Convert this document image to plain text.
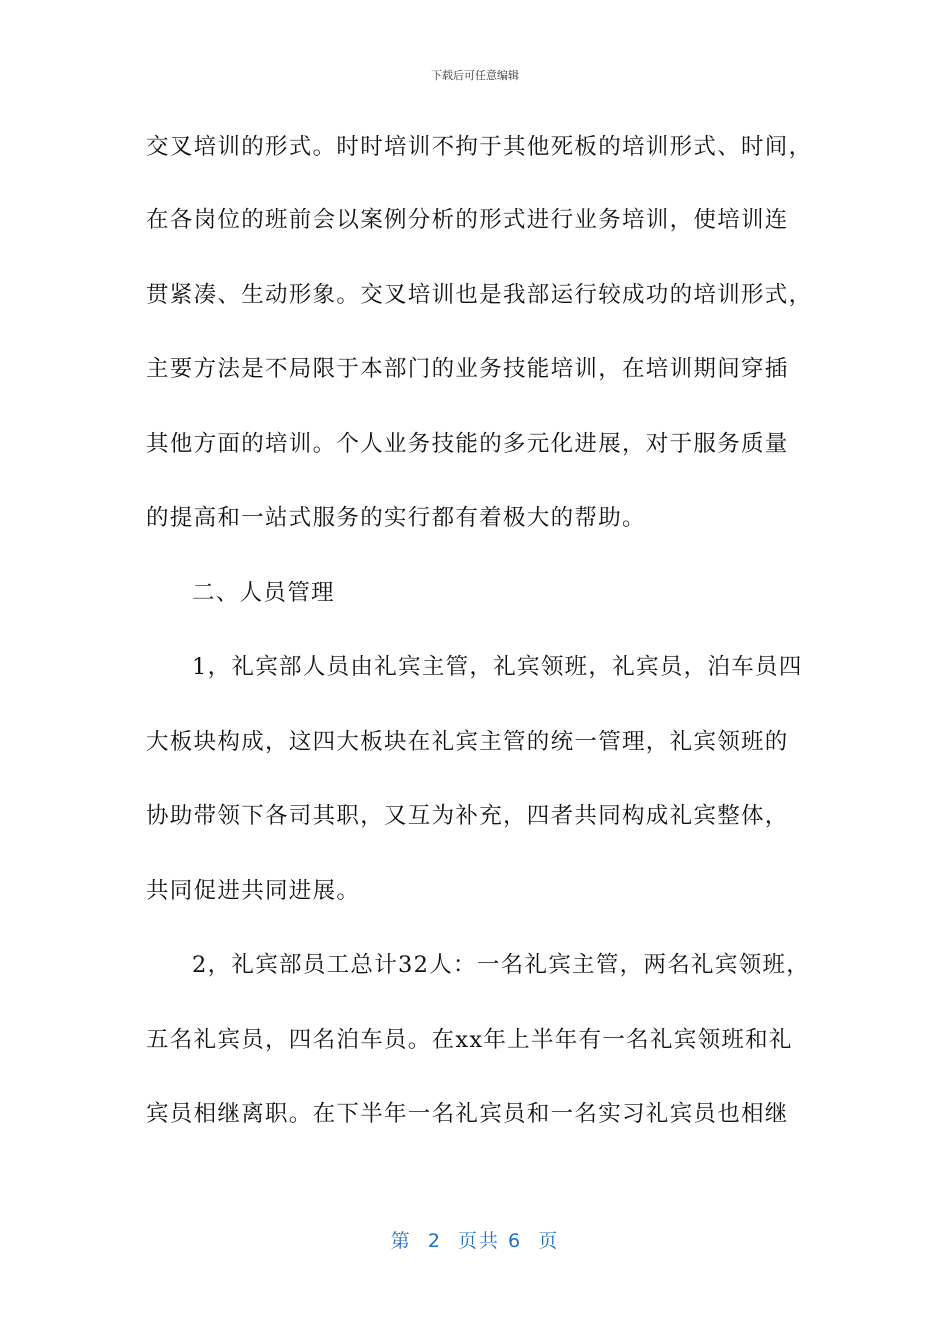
下载后可任意编辑
交叉培训的形式。时时培训不拘于其他死板的培训形式、时间，
在各岗位的班前会以案例分析的形式进行业务培训，使培训连
贯紧凑、生动形象。交叉培训也是我部运行较成功的培训形式，
主要方法是不局限于本部门的业务技能培训，在培训期间穿插
其他方面的培训。个人业务技能的多元化进展，对于服务质量
的提高和一站式服务的实行都有着极大的帮助。
二、人员管理
1，礼宾部人员由礼宾主管，礼宾领班，礼宾员，泊车员四
大板块构成，这四大板块在礼宾主管的统一管理，礼宾领班的
协助带领下各司其职，又互为补充，四者共同构成礼宾整体，
共同促进共同进展。
2，礼宾部员工总计32人：一名礼宾主管，两名礼宾领班，
五名礼宾员，四名泊车员。在xx年上半年有一名礼宾领班和礼
宾员相继离职。在下半年一名礼宾员和一名实习礼宾员也相继
第  2  页共 6  页
